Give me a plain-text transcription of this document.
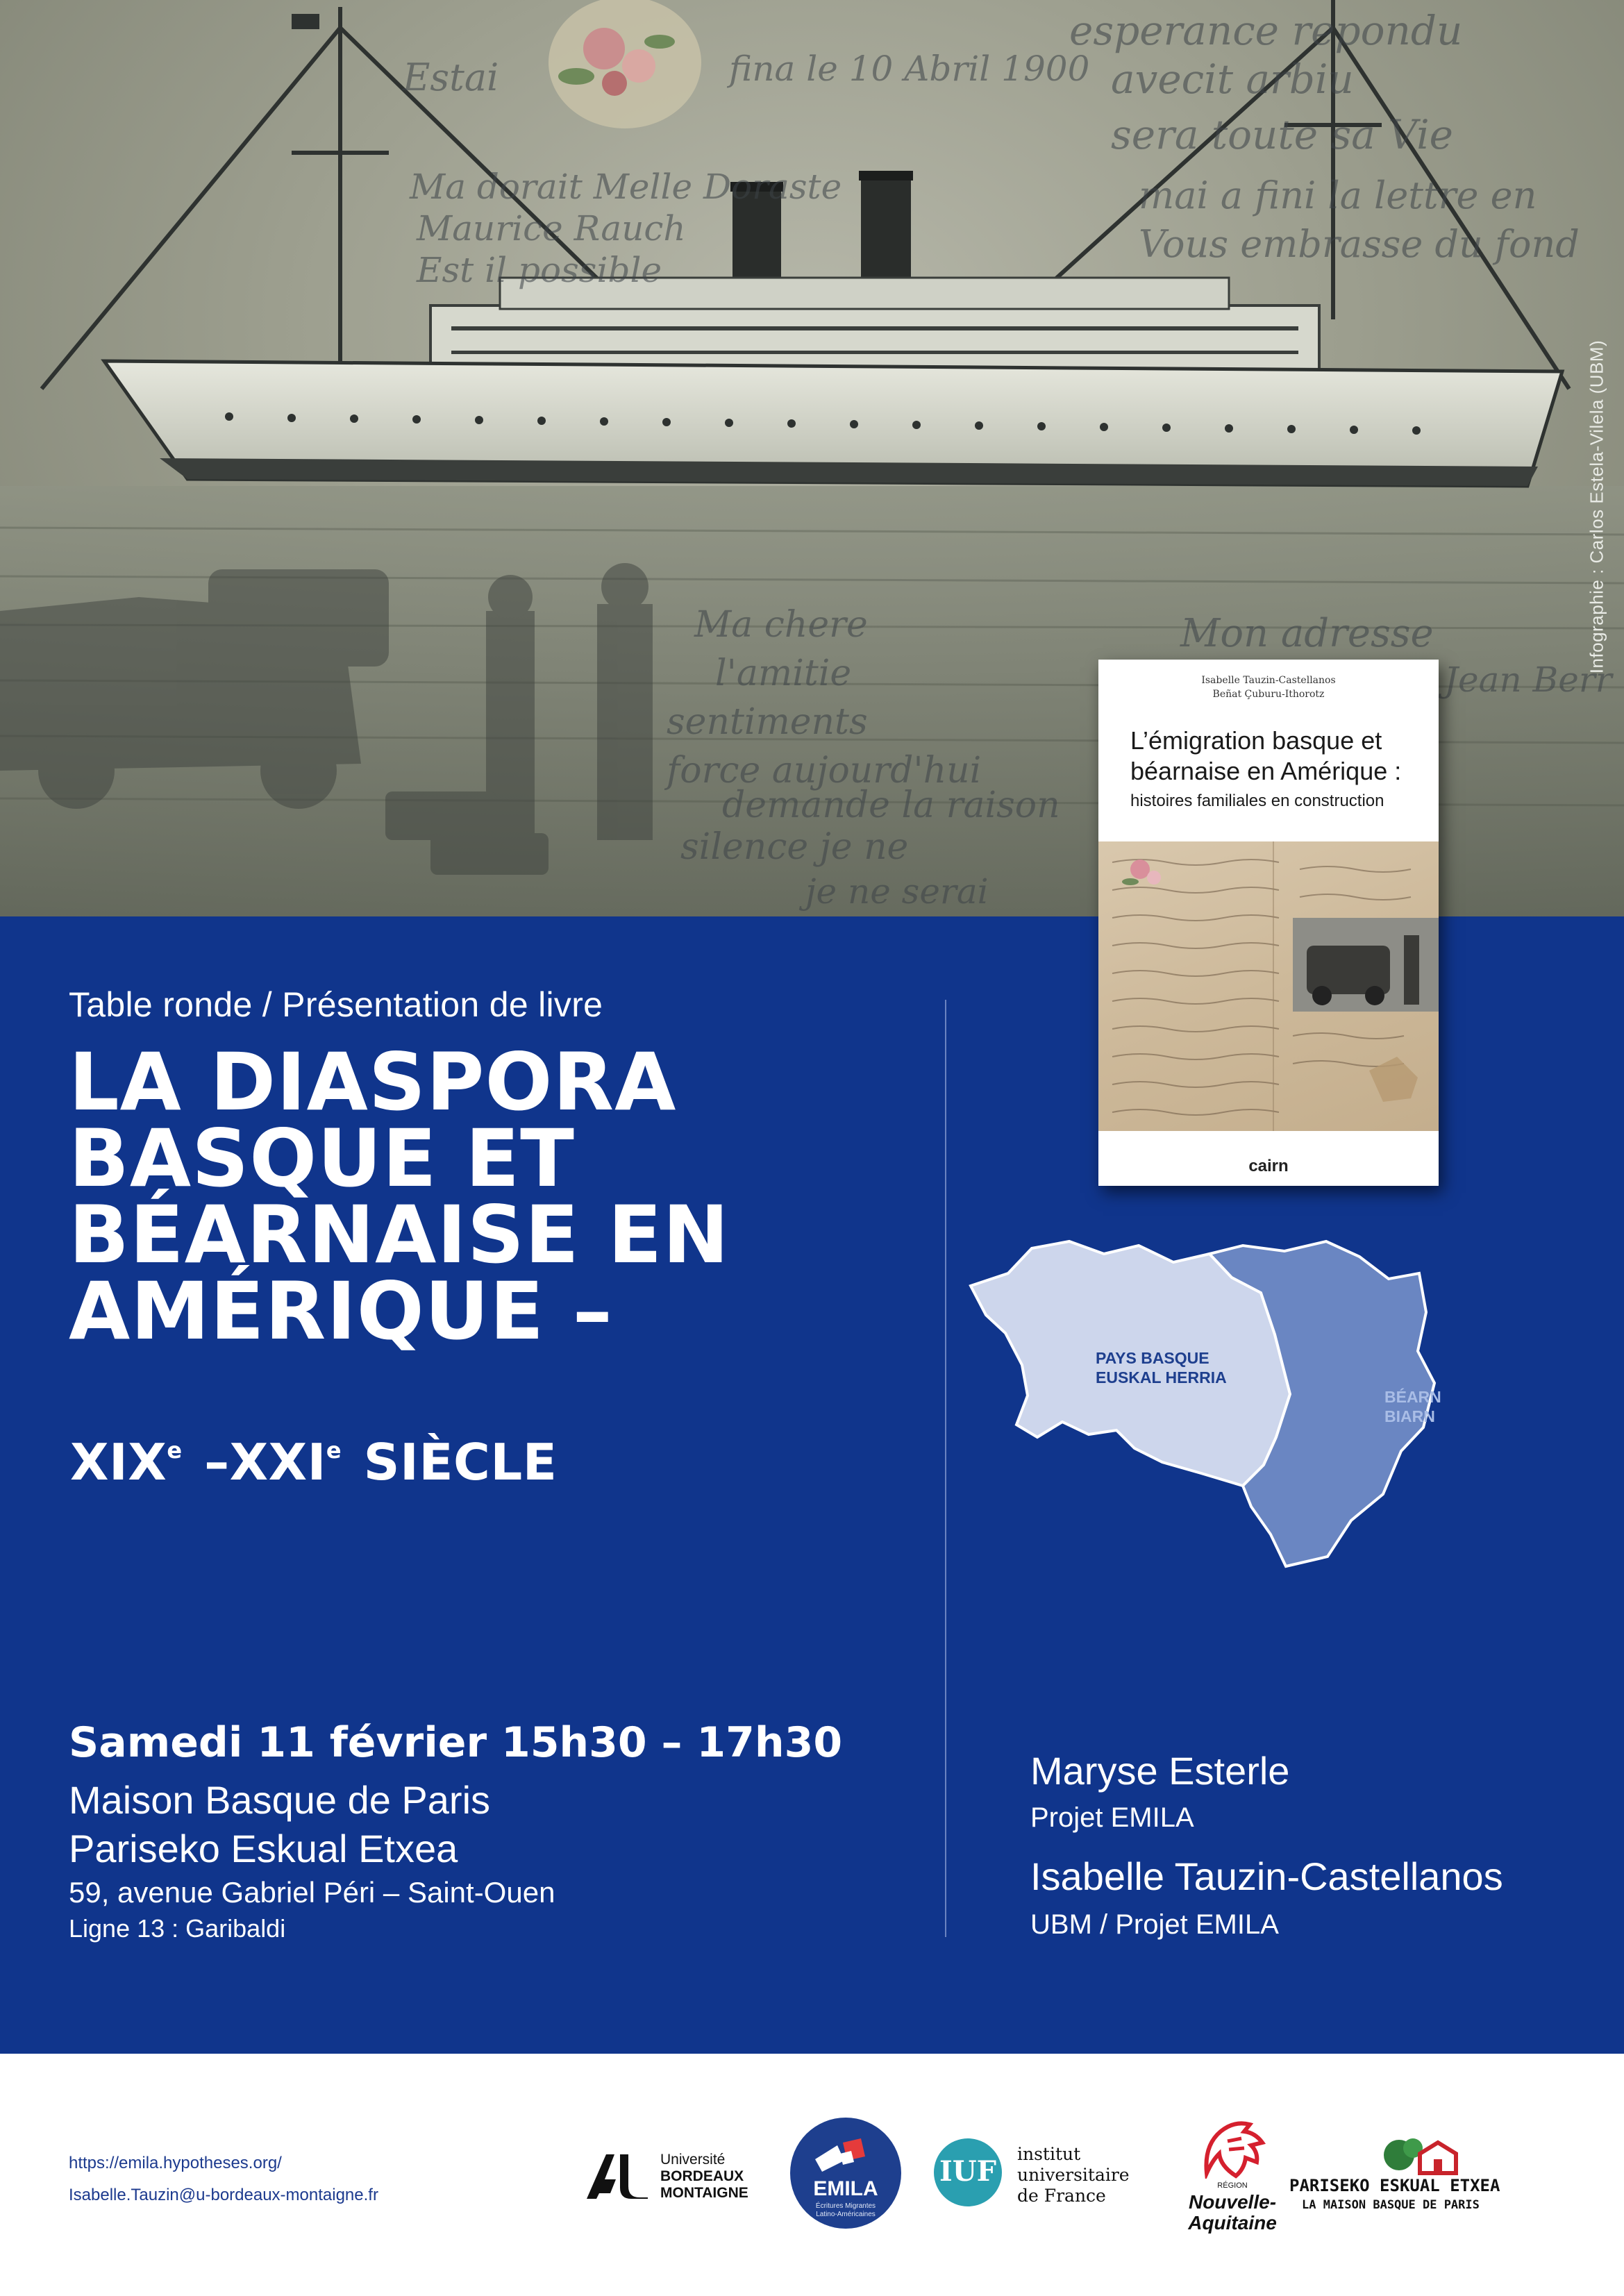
Estai	fina le 10 Abril 1900
esperance repondu
avecit arbiu
sera toute sa Vie
Ma dorait Melle Doraste
Maurice Rauch
Est il possible
mai a fini la lettre en
Vous embrasse du fond
Ma chere
l'amitie
sentiments
force aujourd'hui
demande la raison
silence je ne
Mon adresse
Jean Berr
je ne serai
Infographie : Carlos Estela-Vilela (UBM)
Table ronde / Présentation de livre
LA DIASPORA
BASQUE ET
BÉARNAISE EN
AMÉRIQUE –
XIXe –XXIe SIÈCLE
Samedi 11 février 15h30 – 17h30
Maison Basque de Paris
Pariseko Eskual Etxea
59, avenue Gabriel Péri – Saint-Ouen
Ligne 13 : Garibaldi
Maryse Esterle
Projet EMILA
Isabelle Tauzin-Castellanos
UBM / Projet EMILA
Isabelle Tauzin-Castellanos
Beñat Çuburu-Ithorotz
L’émigration basque et
béarnaise en Amérique :
histoires familiales en construction
cairn
PAYS BASQUE
EUSKAL HERRIA
BÉARN
BIARN
https://emila.hypotheses.org/
Isabelle.Tauzin@u-bordeaux-montaigne.fr
Université
BORDEAUX
MONTAIGNE	EMILA
Écritures Migrantes
Latino-Américaines
IUF
institut
universitaire
de France	RÉGION
Nouvelle-
Aquitaine
PARISEKO ESKUAL ETXEA
LA MAISON BASQUE DE PARIS
